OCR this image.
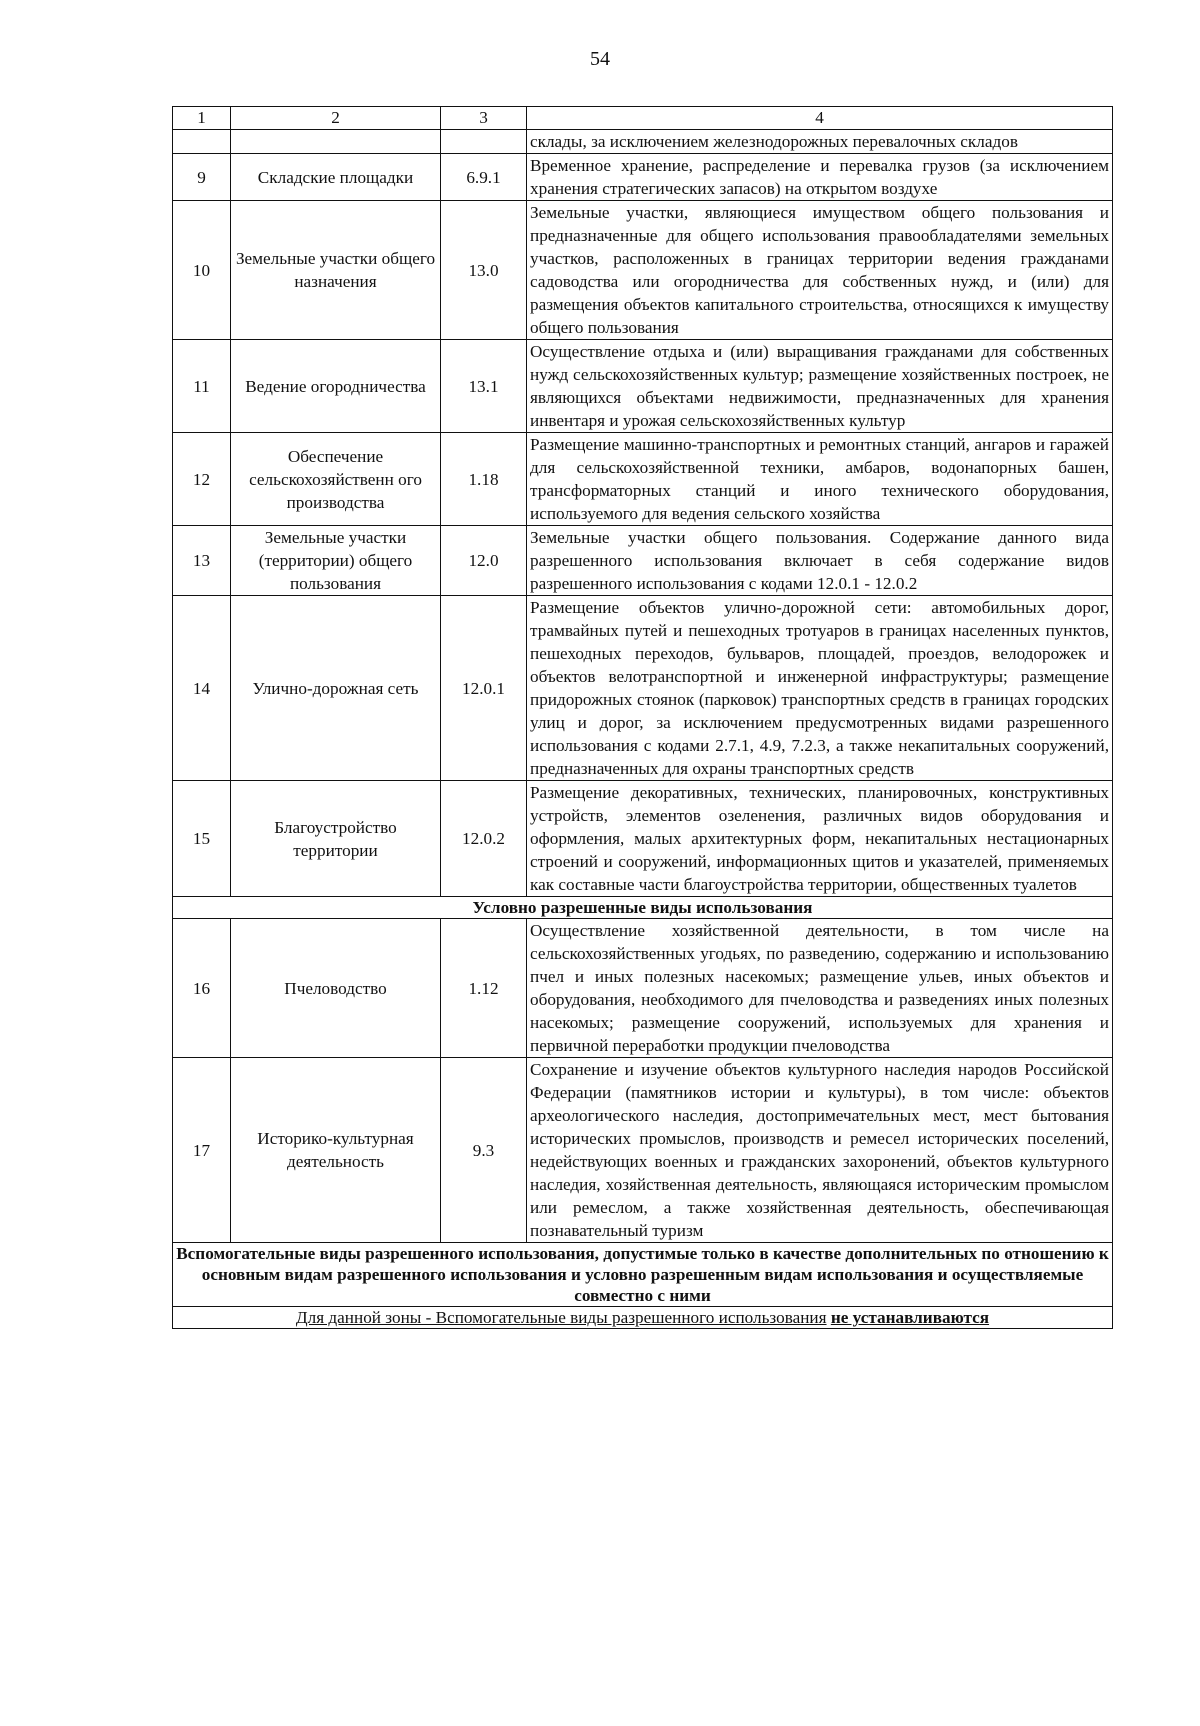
54
1	2	3	4
			склады, за исключением железнодорожных перевалочных складов
9	Складские площадки	6.9.1	Временное хранение, распределение и перевалка грузов (за исключением хранения стратегических запасов) на открытом воздухе
10	Земельные участки общего назначения	13.0	Земельные участки, являющиеся имуществом общего пользования и предназначенные для общего использования правообладателями земельных участков, расположенных в границах территории ведения гражданами садоводства или огородничества для собственных нужд, и (или) для размещения объектов капитального строительства, относящихся к имуществу общего пользования
11	Ведение огородничества	13.1	Осуществление отдыха и (или) выращивания гражданами для собственных нужд сельскохозяйственных культур; размещение хозяйственных построек, не являющихся объектами недвижимости, предназначенных для хранения инвентаря и урожая сельскохозяйственных культур
12	Обеспечение сельскохозяйственн ого производства	1.18	Размещение машинно-транспортных и ремонтных станций, ангаров и гаражей для сельскохозяйственной техники, амбаров, водонапорных башен, трансформаторных станций и иного технического оборудования, используемого для ведения сельского хозяйства
13	Земельные участки (территории) общего пользования	12.0	Земельные участки общего пользования. Содержание данного вида разрешенного использования включает в себя содержание видов разрешенного использования с кодами 12.0.1 - 12.0.2
14	Улично-дорожная сеть	12.0.1	Размещение объектов улично-дорожной сети: автомобильных дорог, трамвайных путей и пешеходных тротуаров в границах населенных пунктов, пешеходных переходов, бульваров, площадей, проездов, велодорожек и объектов велотранспортной и инженерной инфраструктуры; размещение придорожных стоянок (парковок) транспортных средств в границах городских улиц и дорог, за исключением предусмотренных видами разрешенного использования с кодами 2.7.1, 4.9, 7.2.3, а также некапитальных сооружений, предназначенных для охраны транспортных средств
15	Благоустройство территории	12.0.2	Размещение декоративных, технических, планировочных, конструктивных устройств, элементов озеленения, различных видов оборудования и оформления, малых архитектурных форм, некапитальных нестационарных строений и сооружений, информационных щитов и указателей, применяемых как составные части благоустройства территории, общественных туалетов
Условно разрешенные виды использования			
16	Пчеловодство	1.12	Осуществление хозяйственной деятельности, в том числе на сельскохозяйственных угодьях, по разведению, содержанию и использованию пчел и иных полезных насекомых; размещение ульев, иных объектов и оборудования, необходимого для пчеловодства и разведениях иных полезных насекомых; размещение сооружений, используемых для хранения и первичной переработки продукции пчеловодства
17	Историко-культурная деятельность	9.3	Сохранение и изучение объектов культурного наследия народов Российской Федерации (памятников истории и культуры), в том числе: объектов археологического наследия, достопримечательных мест, мест бытования исторических промыслов, производств и ремесел исторических поселений, недействующих военных и гражданских захоронений, объектов культурного наследия, хозяйственная деятельность, являющаяся историческим промыслом или ремеслом, а также хозяйственная деятельность, обеспечивающая познавательный туризм
Вспомогательные виды разрешенного использования, допустимые только в качестве дополнительных по отношению к основным видам разрешенного использования и условно разрешенным видам использования и осуществляемые совместно с ними			
Для данной зоны - Вспомогательные виды разрешенного использования не устанавливаются			
